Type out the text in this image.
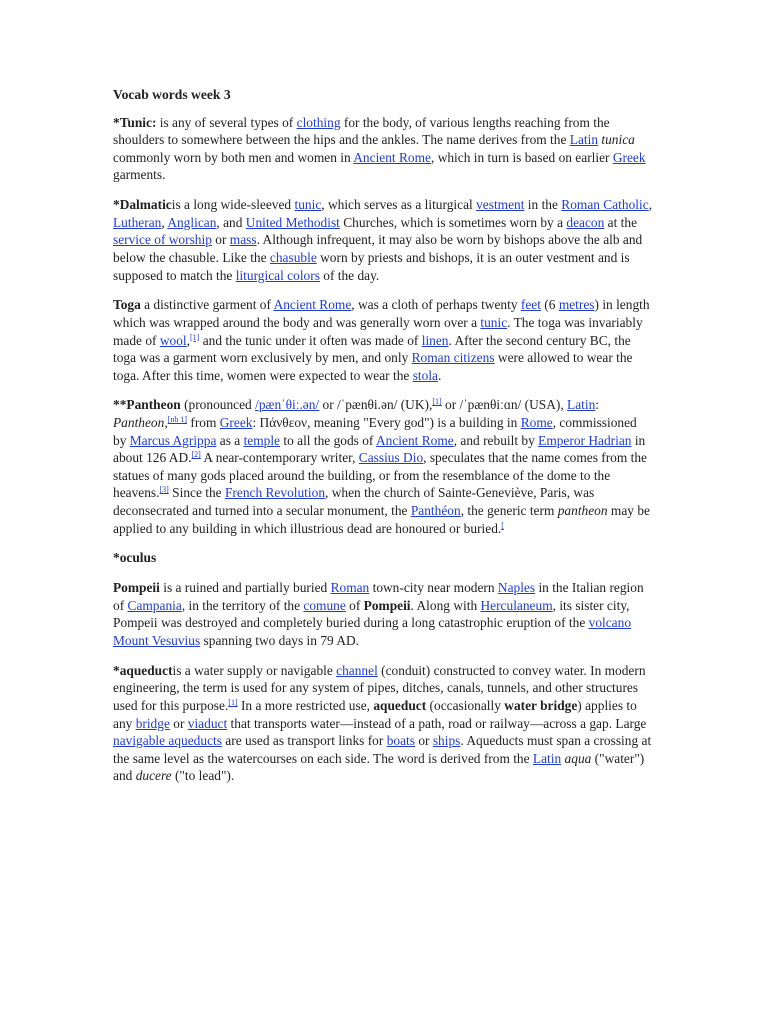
Vocab words week 3

*Tunic: is any of several types of clothing for the body, of various lengths reaching from the shoulders to somewhere between the hips and the ankles. The name derives from the Latin tunica commonly worn by both men and women in Ancient Rome, which in turn is based on earlier Greek garments.

*Dalmaticis a long wide-sleeved tunic, which serves as a liturgical vestment in the Roman Catholic, Lutheran, Anglican, and United Methodist Churches, which is sometimes worn by a deacon at the service of worship or mass. Although infrequent, it may also be worn by bishops above the alb and below the chasuble. Like the chasuble worn by priests and bishops, it is an outer vestment and is supposed to match the liturgical colors of the day.

Toga a distinctive garment of Ancient Rome, was a cloth of perhaps twenty feet (6 metres) in length which was wrapped around the body and was generally worn over a tunic. The toga was invariably made of wool,[1] and the tunic under it often was made of linen. After the second century BC, the toga was a garment worn exclusively by men, and only Roman citizens were allowed to wear the toga. After this time, women were expected to wear the stola.

**Pantheon (pronounced /pænˈθiː.ən/ or /ˈpænθi.ən/ (UK),[1] or /ˈpænθiːɑn/ (USA), Latin: Pantheon,[nb 1] from Greek: Πάνθεον, meaning "Every god") is a building in Rome, commissioned by Marcus Agrippa as a temple to all the gods of Ancient Rome, and rebuilt by Emperor Hadrian in about 126 AD.[2] A near-contemporary writer, Cassius Dio, speculates that the name comes from the statues of many gods placed around the building, or from the resemblance of the dome to the heavens.[3] Since the French Revolution, when the church of Sainte-Geneviève, Paris, was deconsecrated and turned into a secular monument, the Panthéon, the generic term pantheon may be applied to any building in which illustrious dead are honoured or buried.[

*oculus

Pompeii is a ruined and partially buried Roman town-city near modern Naples in the Italian region of Campania, in the territory of the comune of Pompeii. Along with Herculaneum, its sister city, Pompeii was destroyed and completely buried during a long catastrophic eruption of the volcano Mount Vesuvius spanning two days in 79 AD.

*aqueductis a water supply or navigable channel (conduit) constructed to convey water. In modern engineering, the term is used for any system of pipes, ditches, canals, tunnels, and other structures used for this purpose.[1] In a more restricted use, aqueduct (occasionally water bridge) applies to any bridge or viaduct that transports water—instead of a path, road or railway—across a gap. Large navigable aqueducts are used as transport links for boats or ships. Aqueducts must span a crossing at the same level as the watercourses on each side. The word is derived from the Latin aqua ("water") and ducere ("to lead").
